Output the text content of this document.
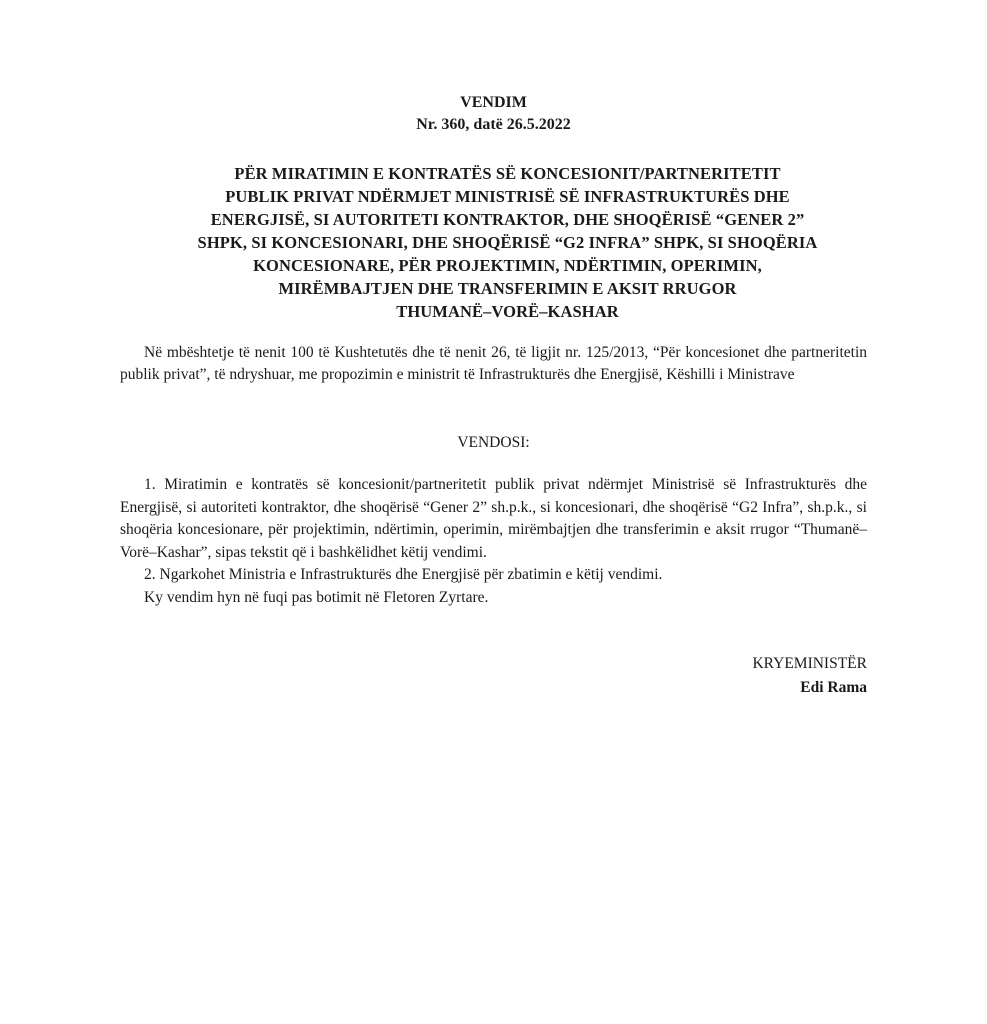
VENDIM
Nr. 360, datë 26.5.2022
PËR MIRATIMIN E KONTRATËS SË KONCESIONIT/PARTNERITETIT
PUBLIK PRIVAT NDËRMJET MINISTRISË SË INFRASTRUKTURËS DHE
ENERGJISË, SI AUTORITETI KONTRAKTOR, DHE SHOQËRISË “GENER 2”
SHPK, SI KONCESIONARI, DHE SHOQËRISË “G2 INFRA” SHPK, SI SHOQËRIA
KONCESIONARE, PËR PROJEKTIMIN, NDËRTIMIN, OPERIMIN,
MIRËMBAJTJEN DHE TRANSFERIMIN E AKSIT RRUGOR
THUMANË–VORË–KASHAR

Në mbështetje të nenit 100 të Kushtetutës dhe të nenit 26, të ligjit nr. 125/2013, “Për koncesionet dhe partneritetin publik privat”, të ndryshuar, me propozimin e ministrit të Infrastrukturës dhe Energjisë, Këshilli i Ministrave

VENDOSI:

1. Miratimin e kontratës së koncesionit/partneritetit publik privat ndërmjet Ministrisë së Infrastrukturës dhe Energjisë, si autoriteti kontraktor, dhe shoqërisë “Gener 2” sh.p.k., si koncesionari, dhe shoqërisë “G2 Infra”, sh.p.k., si shoqëria koncesionare, për projektimin, ndërtimin, operimin, mirëmbajtjen dhe transferimin e aksit rrugor “Thumanë–Vorë–Kashar”, sipas tekstit që i bashkëlidhet këtij vendimi.

2. Ngarkohet Ministria e Infrastrukturës dhe Energjisë për zbatimin e këtij vendimi.

Ky vendim hyn në fuqi pas botimit në Fletoren Zyrtare.

KRYEMINISTËR
Edi Rama
